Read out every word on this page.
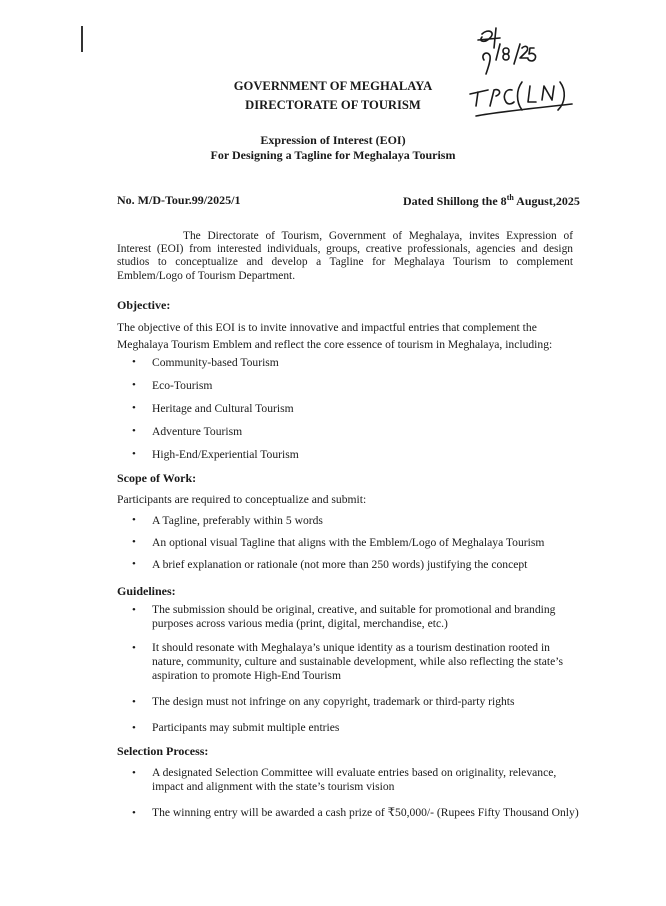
GOVERNMENT OF MEGHALAYA
DIRECTORATE OF TOURISM
Expression of Interest (EOI)
For Designing a Tagline for Meghalaya Tourism
No. M/D-Tour.99/2025/1	Dated Shillong the 8th August,2025
The Directorate of Tourism, Government of Meghalaya, invites Expression of Interest (EOI) from interested individuals, groups, creative professionals, agencies and design studios to conceptualize and develop a Tagline for Meghalaya Tourism to complement Emblem/Logo of Tourism Department.
Objective:
The objective of this EOI is to invite innovative and impactful entries that complement the Meghalaya Tourism Emblem and reflect the core essence of tourism in Meghalaya, including:
• Community-based Tourism
• Eco-Tourism
• Heritage and Cultural Tourism
• Adventure Tourism
• High-End/Experiential Tourism
Scope of Work:
Participants are required to conceptualize and submit:
• A Tagline, preferably within 5 words
• An optional visual Tagline that aligns with the Emblem/Logo of Meghalaya Tourism
• A brief explanation or rationale (not more than 250 words) justifying the concept
Guidelines:
• The submission should be original, creative, and suitable for promotional and branding purposes across various media (print, digital, merchandise, etc.)
• It should resonate with Meghalaya’s unique identity as a tourism destination rooted in nature, community, culture and sustainable development, while also reflecting the state’s aspiration to promote High-End Tourism
• The design must not infringe on any copyright, trademark or third-party rights
• Participants may submit multiple entries
Selection Process:
• A designated Selection Committee will evaluate entries based on originality, relevance, impact and alignment with the state’s tourism vision
• The winning entry will be awarded a cash prize of ₹50,000/- (Rupees Fifty Thousand Only)
